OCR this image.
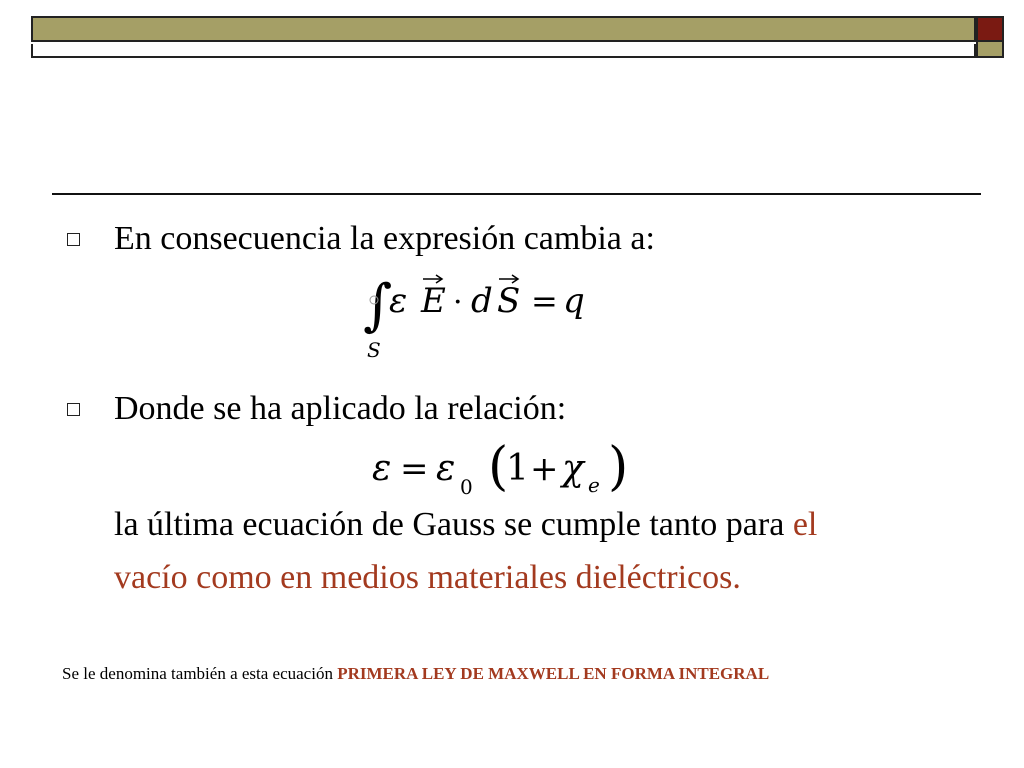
En consecuencia la expresión cambia a:
∫
S
ε E · d S = q
Donde se ha aplicado la relación:
ε = ε 0 (
1 + χ e )
la última ecuación de Gauss se cumple tanto para el
vacío como en medios materiales dieléctricos.
Se le denomina también a esta ecuación PRIMERA LEY DE MAXWELL EN FORMA INTEGRAL
